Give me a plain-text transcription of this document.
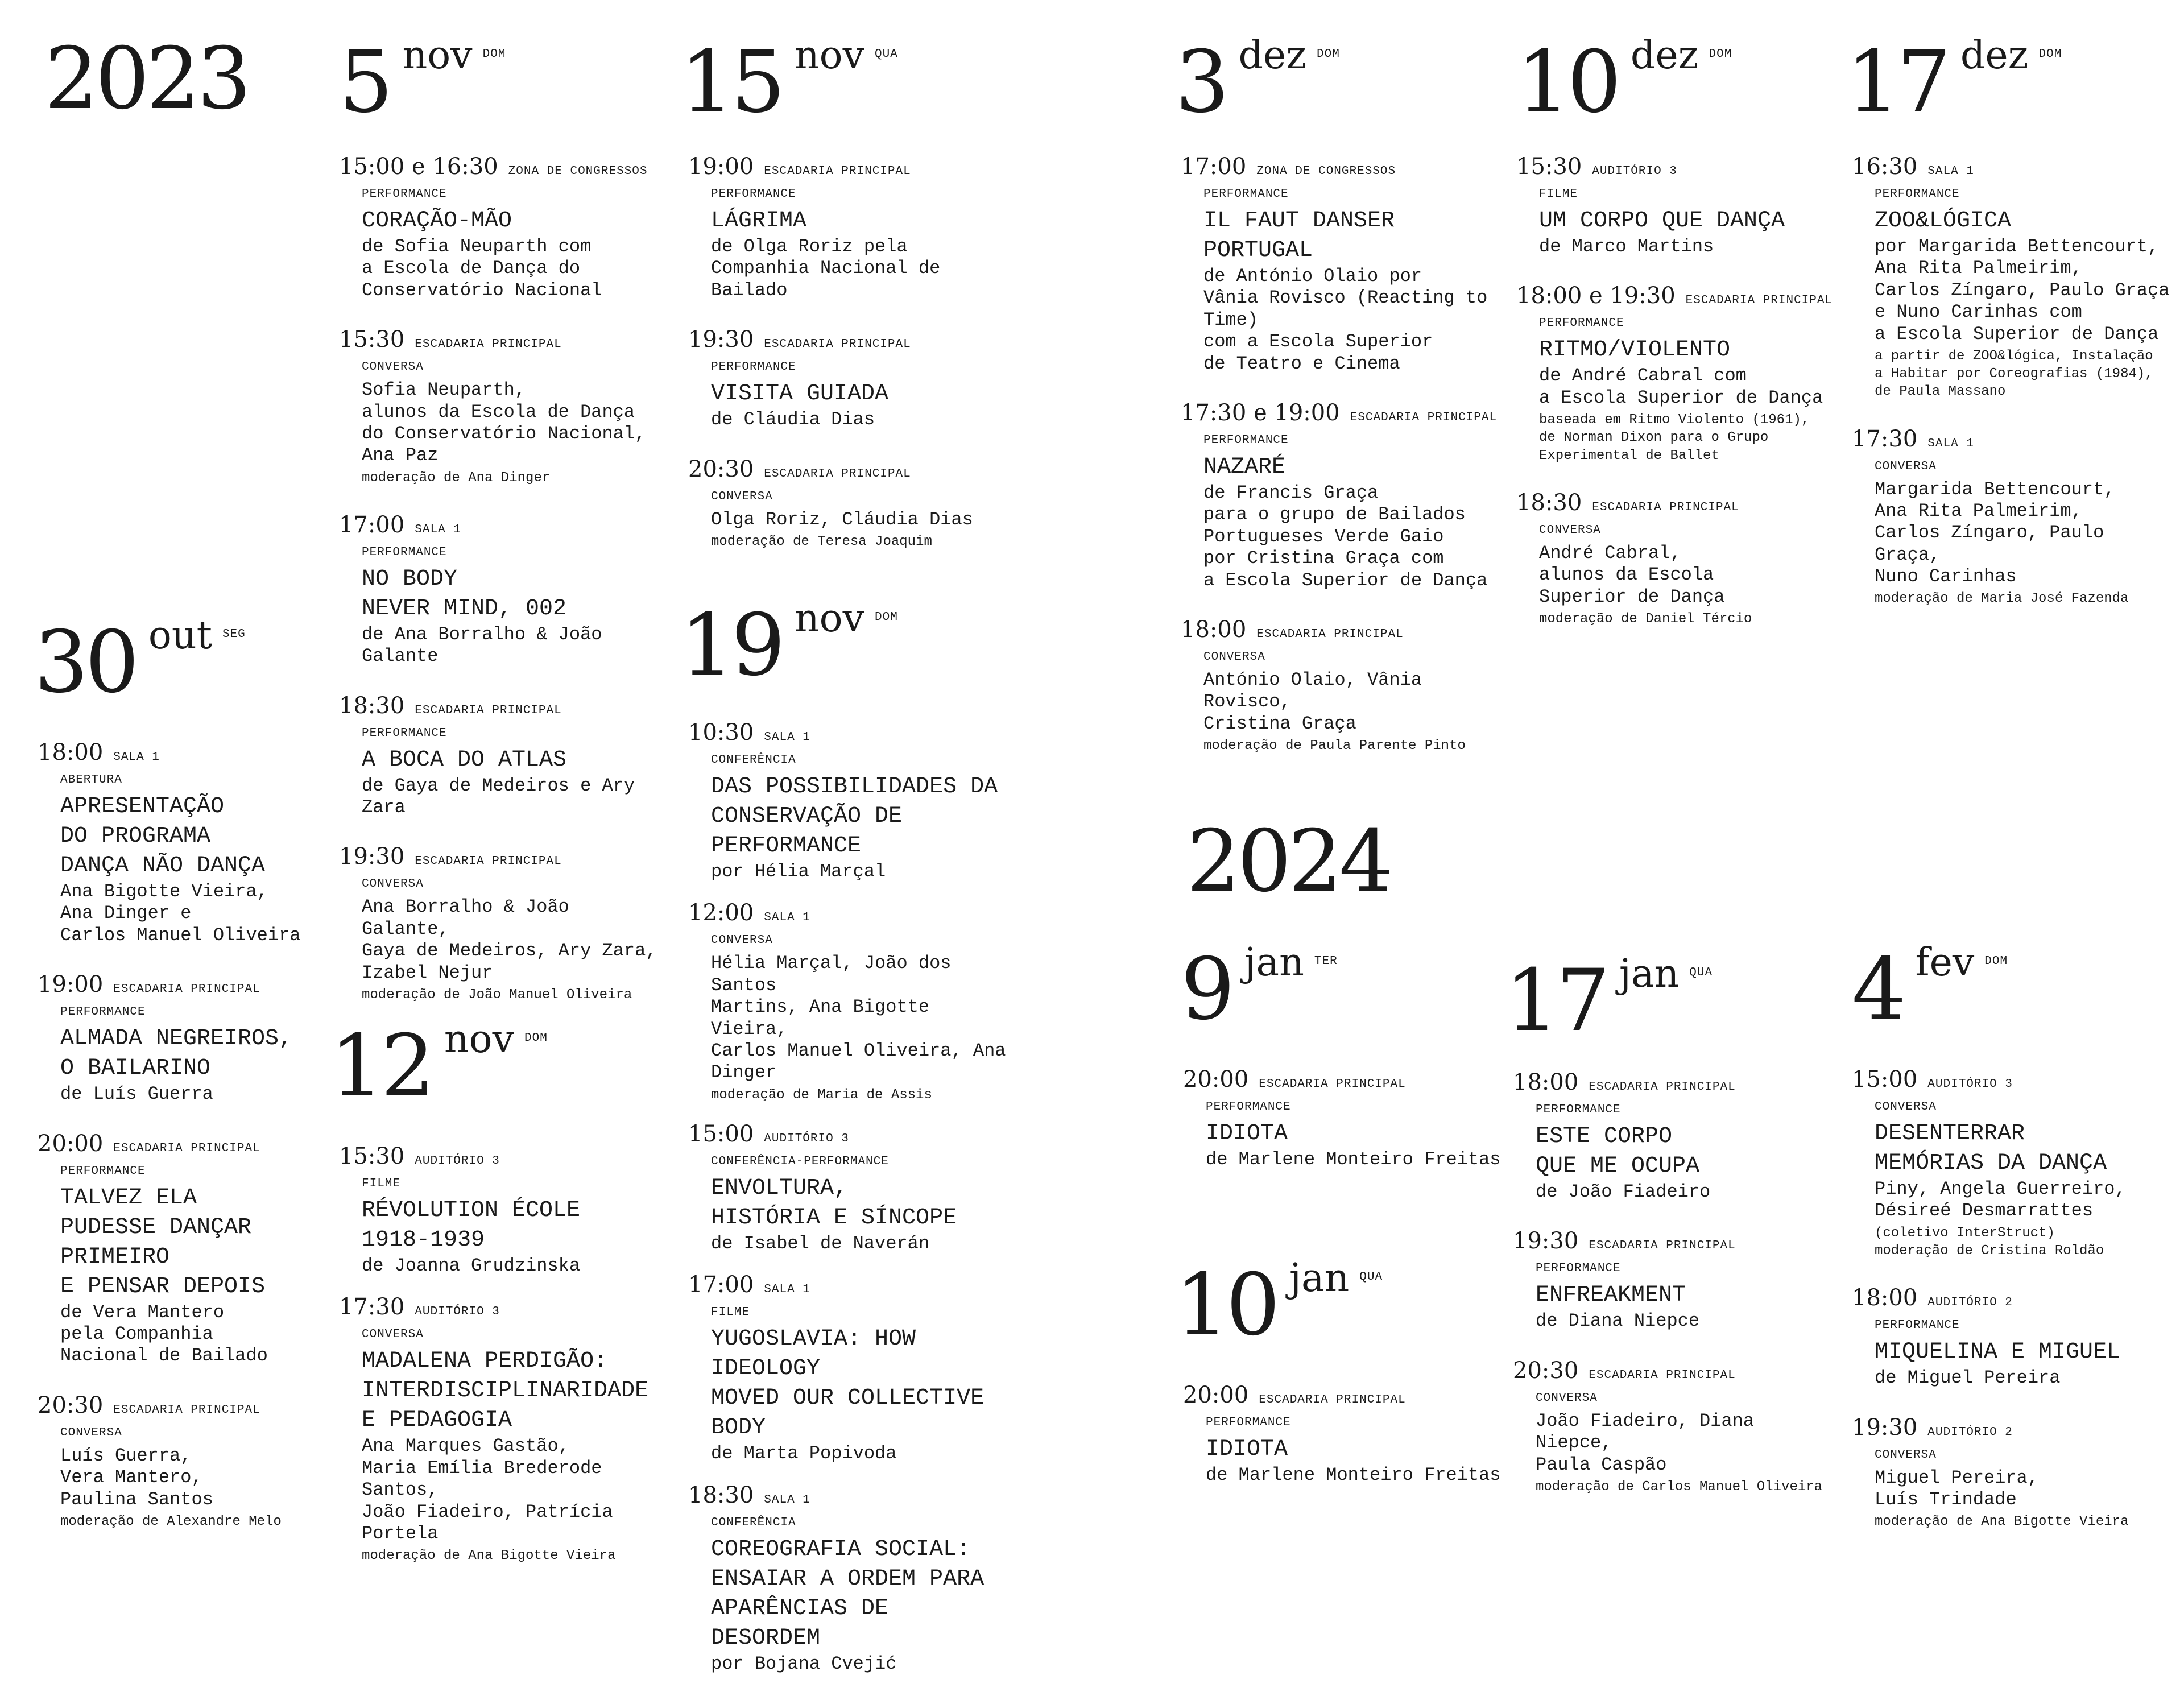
2023
2024
30 out SEG
18:00 SALA 1
ABERTURA
APRESENTAÇÃO
DO PROGRAMA
DANÇA NÃO DANÇA
Ana Bigotte Vieira,
Ana Dinger e
Carlos Manuel Oliveira
19:00 ESCADARIA PRINCIPAL
PERFORMANCE
ALMADA NEGREIROS,
O BAILARINO
de Luís Guerra
20:00 ESCADARIA PRINCIPAL
PERFORMANCE
TALVEZ ELA
PUDESSE DANÇAR
PRIMEIRO
E PENSAR DEPOIS
de Vera Mantero
pela Companhia
Nacional de Bailado
20:30 ESCADARIA PRINCIPAL
CONVERSA
Luís Guerra,
Vera Mantero,
Paulina Santos
moderação de Alexandre Melo
5 nov DOM
15:00 e 16:30 ZONA DE CONGRESSOS
PERFORMANCE
CORAÇÃO-MÃO
de Sofia Neuparth com
a Escola de Dança do
Conservatório Nacional
15:30 ESCADARIA PRINCIPAL
CONVERSA
Sofia Neuparth,
alunos da Escola de Dança
do Conservatório Nacional,
Ana Paz
moderação de Ana Dinger
17:00 SALA 1
PERFORMANCE
NO BODY
NEVER MIND, 002
de Ana Borralho & João Galante
18:30 ESCADARIA PRINCIPAL
PERFORMANCE
A BOCA DO ATLAS
de Gaya de Medeiros e Ary Zara
19:30 ESCADARIA PRINCIPAL
CONVERSA
Ana Borralho & João Galante,
Gaya de Medeiros, Ary Zara,
Izabel Nejur
moderação de João Manuel Oliveira
12 nov DOM
15:30 AUDITÓRIO 3
FILME
RÉVOLUTION ÉCOLE
1918-1939
de Joanna Grudzinska
17:30 AUDITÓRIO 3
CONVERSA
MADALENA PERDIGÃO:
INTERDISCIPLINARIDADE
E PEDAGOGIA
Ana Marques Gastão,
Maria Emília Brederode Santos,
João Fiadeiro, Patrícia Portela
moderação de Ana Bigotte Vieira
15 nov QUA
19:00 ESCADARIA PRINCIPAL
PERFORMANCE
LÁGRIMA
de Olga Roriz pela
Companhia Nacional de Bailado
19:30 ESCADARIA PRINCIPAL
PERFORMANCE
VISITA GUIADA
de Cláudia Dias
20:30 ESCADARIA PRINCIPAL
CONVERSA
Olga Roriz, Cláudia Dias
moderação de Teresa Joaquim
19 nov DOM
10:30 SALA 1
CONFERÊNCIA
DAS POSSIBILIDADES DA
CONSERVAÇÃO DE PERFORMANCE
por Hélia Marçal
12:00 SALA 1
CONVERSA
Hélia Marçal, João dos Santos
Martins, Ana Bigotte Vieira,
Carlos Manuel Oliveira, Ana Dinger
moderação de Maria de Assis
15:00 AUDITÓRIO 3
CONFERÊNCIA-PERFORMANCE
ENVOLTURA,
HISTÓRIA E SÍNCOPE
de Isabel de Naverán
17:00 SALA 1
FILME
YUGOSLAVIA: HOW IDEOLOGY
MOVED OUR COLLECTIVE BODY
de Marta Popivoda
18:30 SALA 1
CONFERÊNCIA
COREOGRAFIA SOCIAL:
ENSAIAR A ORDEM PARA
APARÊNCIAS DE DESORDEM
por Bojana Cvejić
3 dez DOM
17:00 ZONA DE CONGRESSOS
PERFORMANCE
IL FAUT DANSER
PORTUGAL
de António Olaio por
Vânia Rovisco (Reacting to Time)
com a Escola Superior
de Teatro e Cinema
17:30 e 19:00 ESCADARIA PRINCIPAL
PERFORMANCE
NAZARÉ
de Francis Graça
para o grupo de Bailados
Portugueses Verde Gaio
por Cristina Graça com
a Escola Superior de Dança
18:00 ESCADARIA PRINCIPAL
CONVERSA
António Olaio, Vânia Rovisco,
Cristina Graça
moderação de Paula Parente Pinto
10 dez DOM
15:30 AUDITÓRIO 3
FILME
UM CORPO QUE DANÇA
de Marco Martins
18:00 e 19:30 ESCADARIA PRINCIPAL
PERFORMANCE
RITMO/VIOLENTO
de André Cabral com
a Escola Superior de Dança
baseada em Ritmo Violento (1961),
de Norman Dixon para o Grupo
Experimental de Ballet
18:30 ESCADARIA PRINCIPAL
CONVERSA
André Cabral,
alunos da Escola
Superior de Dança
moderação de Daniel Tércio
17 dez DOM
16:30 SALA 1
PERFORMANCE
ZOO&LÓGICA
por Margarida Bettencourt,
Ana Rita Palmeirim,
Carlos Zíngaro, Paulo Graça
e Nuno Carinhas com
a Escola Superior de Dança
a partir de ZOO&lógica, Instalação
a Habitar por Coreografias (1984),
de Paula Massano
17:30 SALA 1
CONVERSA
Margarida Bettencourt,
Ana Rita Palmeirim,
Carlos Zíngaro, Paulo Graça,
Nuno Carinhas
moderação de Maria José Fazenda
9 jan TER
20:00 ESCADARIA PRINCIPAL
PERFORMANCE
IDIOTA
de Marlene Monteiro Freitas
10 jan QUA
20:00 ESCADARIA PRINCIPAL
PERFORMANCE
IDIOTA
de Marlene Monteiro Freitas
17 jan QUA
18:00 ESCADARIA PRINCIPAL
PERFORMANCE
ESTE CORPO
QUE ME OCUPA
de João Fiadeiro
19:30 ESCADARIA PRINCIPAL
PERFORMANCE
ENFREAKMENT
de Diana Niepce
20:30 ESCADARIA PRINCIPAL
CONVERSA
João Fiadeiro, Diana Niepce,
Paula Caspão
moderação de Carlos Manuel Oliveira
4 fev DOM
15:00 AUDITÓRIO 3
CONVERSA
DESENTERRAR
MEMÓRIAS DA DANÇA
Piny, Angela Guerreiro,
Désireé Desmarrattes
(coletivo InterStruct)
moderação de Cristina Roldão
18:00 AUDITÓRIO 2
PERFORMANCE
MIQUELINA E MIGUEL
de Miguel Pereira
19:30 AUDITÓRIO 2
CONVERSA
Miguel Pereira,
Luís Trindade
moderação de Ana Bigotte Vieira
